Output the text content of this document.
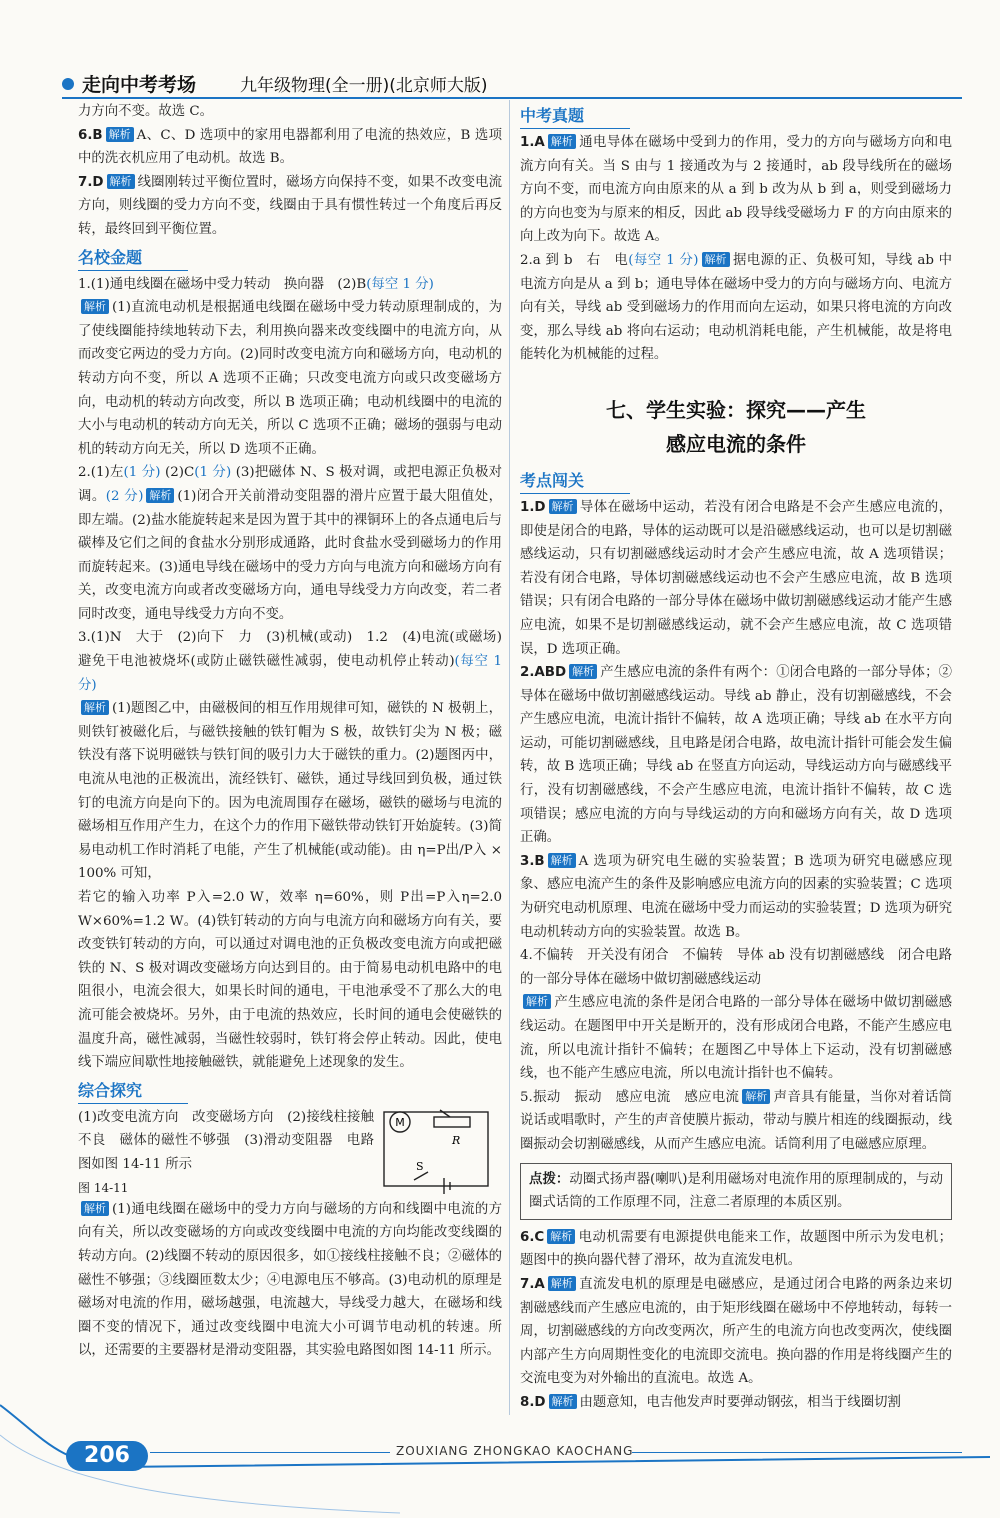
走向中考考场	九年级物理(全一册)(北京师大版)

力方向不变。故选 C。

6.B 解析 A、C、D 选项中的家用电器都利用了电流的热效应，B 选项中的洗衣机应用了电动机。故选 B。

7.D 解析 线圈刚转过平衡位置时，磁场方向保持不变，如果不改变电流方向，则线圈的受力方向不变，线圈由于具有惯性转过一个角度后再反转，最终回到平衡位置。

名校金题

1.(1)通电线圈在磁场中受力转动　换向器　(2)B(每空 1 分)

解析 (1)直流电动机是根据通电线圈在磁场中受力转动原理制成的，为了使线圈能持续地转动下去，利用换向器来改变线圈中的电流方向，从而改变它两边的受力方向。(2)同时改变电流方向和磁场方向，电动机的转动方向不变，所以 A 选项不正确；只改变电流方向或只改变磁场方向，电动机的转动方向改变，所以 B 选项正确；电动机线圈中的电流的大小与电动机的转动方向无关，所以 C 选项不正确；磁场的强弱与电动机的转动方向无关，所以 D 选项不正确。

2.(1)左(1 分) (2)C(1 分) (3)把磁体 N、S 极对调，或把电源正负极对调。(2 分) 解析 (1)闭合开关前滑动变阻器的滑片应置于最大阻值处，即左端。(2)盐水能旋转起来是因为置于其中的裸铜环上的各点通电后与碳棒及它们之间的食盐水分别形成通路，此时食盐水受到磁场力的作用而旋转起来。(3)通电导线在磁场中的受力方向与电流方向和磁场方向有关，改变电流方向或者改变磁场方向，通电导线受力方向改变，若二者同时改变，通电导线受力方向不变。

3.(1)N　大于　(2)向下　力　(3)机械(或动)　1.2　(4)电流(或磁场)　避免干电池被烧坏(或防止磁铁磁性减弱，使电动机停止转动)(每空 1 分)

解析 (1)题图乙中，由磁极间的相互作用规律可知，磁铁的 N 极朝上，则铁钉被磁化后，与磁铁接触的铁钉帽为 S 极，故铁钉尖为 N 极；磁铁没有落下说明磁铁与铁钉间的吸引力大于磁铁的重力。(2)题图丙中，电流从电池的正极流出，流经铁钉、磁铁，通过导线回到负极，通过铁钉的电流方向是向下的。因为电流周围存在磁场，磁铁的磁场与电流的磁场相互作用产生力，在这个力的作用下磁铁带动铁钉开始旋转。(3)简易电动机工作时消耗了电能，产生了机械能(或动能)。由 η=P出/P入 × 100% 可知，

若它的输入功率 P入=2.0 W，效率 η=60%，则 P出=P入η=2.0 W×60%=1.2 W。(4)铁钉转动的方向与电流方向和磁场方向有关，要改变铁钉转动的方向，可以通过对调电池的正负极改变电流方向或把磁铁的 N、S 极对调改变磁场方向达到目的。由于简易电动机电路中的电阻很小，电流会很大，如果长时间的通电，干电池承受不了那么大的电流可能会被烧坏。另外，由于电流的热效应，长时间的通电会使磁铁的温度升高，磁性减弱，当磁性较弱时，铁钉将会停止转动。因此，使电线下端应间歇性地接触磁铁，就能避免上述现象的发生。

综合探究

(1)改变电流方向　改变磁场方向　(2)接线柱接触不良　磁体的磁性不够强　(3)滑动变阻器　电路图如图 14-11 所示

M
R
S

图 14-11

解析 (1)通电线圈在磁场中的受力方向与磁场的方向和线圈中电流的方向有关，所以改变磁场的方向或改变线圈中电流的方向均能改变线圈的转动方向。(2)线圈不转动的原因很多，如①接线柱接触不良；②磁体的磁性不够强；③线圈匝数太少；④电源电压不够高。(3)电动机的原理是磁场对电流的作用，磁场越强，电流越大，导线受力越大，在磁场和线圈不变的情况下，通过改变线圈中电流大小可调节电动机的转速。所以，还需要的主要器材是滑动变阻器，其实验电路图如图 14-11 所示。

中考真题

1.A 解析 通电导体在磁场中受到力的作用，受力的方向与磁场方向和电流方向有关。当 S 由与 1 接通改为与 2 接通时，ab 段导线所在的磁场方向不变，而电流方向由原来的从 a 到 b 改为从 b 到 a，则受到磁场力的方向也变为与原来的相反，因此 ab 段导线受磁场力 F 的方向由原来的向上改为向下。故选 A。

2.a 到 b　右　电(每空 1 分) 解析 据电源的正、负极可知，导线 ab 中电流方向是从 a 到 b；通电导体在磁场中受力的方向与磁场方向、电流方向有关，导线 ab 受到磁场力的作用而向左运动，如果只将电流的方向改变，那么导线 ab 将向右运动；电动机消耗电能，产生机械能，故是将电能转化为机械能的过程。

七、学生实验：探究——产生
感应电流的条件
考点闯关

1.D 解析 导体在磁场中运动，若没有闭合电路是不会产生感应电流的，即使是闭合的电路，导体的运动既可以是沿磁感线运动，也可以是切割磁感线运动，只有切割磁感线运动时才会产生感应电流，故 A 选项错误；若没有闭合电路，导体切割磁感线运动也不会产生感应电流，故 B 选项错误；只有闭合电路的一部分导体在磁场中做切割磁感线运动才能产生感应电流，如果不是切割磁感线运动，就不会产生感应电流，故 C 选项错误，D 选项正确。

2.ABD 解析 产生感应电流的条件有两个：①闭合电路的一部分导体；②导体在磁场中做切割磁感线运动。导线 ab 静止，没有切割磁感线，不会产生感应电流，电流计指针不偏转，故 A 选项正确；导线 ab 在水平方向运动，可能切割磁感线，且电路是闭合电路，故电流计指针可能会发生偏转，故 B 选项正确；导线 ab 在竖直方向运动，导线运动方向与磁感线平行，没有切割磁感线，不会产生感应电流，电流计指针不偏转，故 C 选项错误；感应电流的方向与导线运动的方向和磁场方向有关，故 D 选项正确。

3.B 解析 A 选项为研究电生磁的实验装置；B 选项为研究电磁感应现象、感应电流产生的条件及影响感应电流方向的因素的实验装置；C 选项为研究电动机原理、电流在磁场中受力而运动的实验装置；D 选项为研究电动机转动方向的实验装置。故选 B。

4.不偏转　开关没有闭合　不偏转　导体 ab 没有切割磁感线　闭合电路的一部分导体在磁场中做切割磁感线运动

解析 产生感应电流的条件是闭合电路的一部分导体在磁场中做切割磁感线运动。在题图甲中开关是断开的，没有形成闭合电路，不能产生感应电流，所以电流计指针不偏转；在题图乙中导体上下运动，没有切割磁感线，也不能产生感应电流，所以电流计指针也不偏转。

5.振动　振动　感应电流　感应电流 解析 声音具有能量，当你对着话筒说话或唱歌时，产生的声音使膜片振动，带动与膜片相连的线圈振动，线圈振动会切割磁感线，从而产生感应电流。话筒利用了电磁感应原理。

点拨：动圈式扬声器(喇叭)是利用磁场对电流作用的原理制成的，与动圈式话筒的工作原理不同，注意二者原理的本质区别。

6.C 解析 电动机需要有电源提供电能来工作，故题图中所示为发电机；题图中的换向器代替了滑环，故为直流发电机。

7.A 解析 直流发电机的原理是电磁感应，是通过闭合电路的两条边来切割磁感线而产生感应电流的，由于矩形线圈在磁场中不停地转动，每转一周，切割磁感线的方向改变两次，所产生的电流方向也改变两次，使线圈内部产生方向周期性变化的电流即交流电。换向器的作用是将线圈产生的交流电变为对外输出的直流电。故选 A。

8.D 解析 由题意知，电吉他发声时要弹动钢弦，相当于线圈切割

206	ZOUXIANG ZHONGKAO KAOCHANG
